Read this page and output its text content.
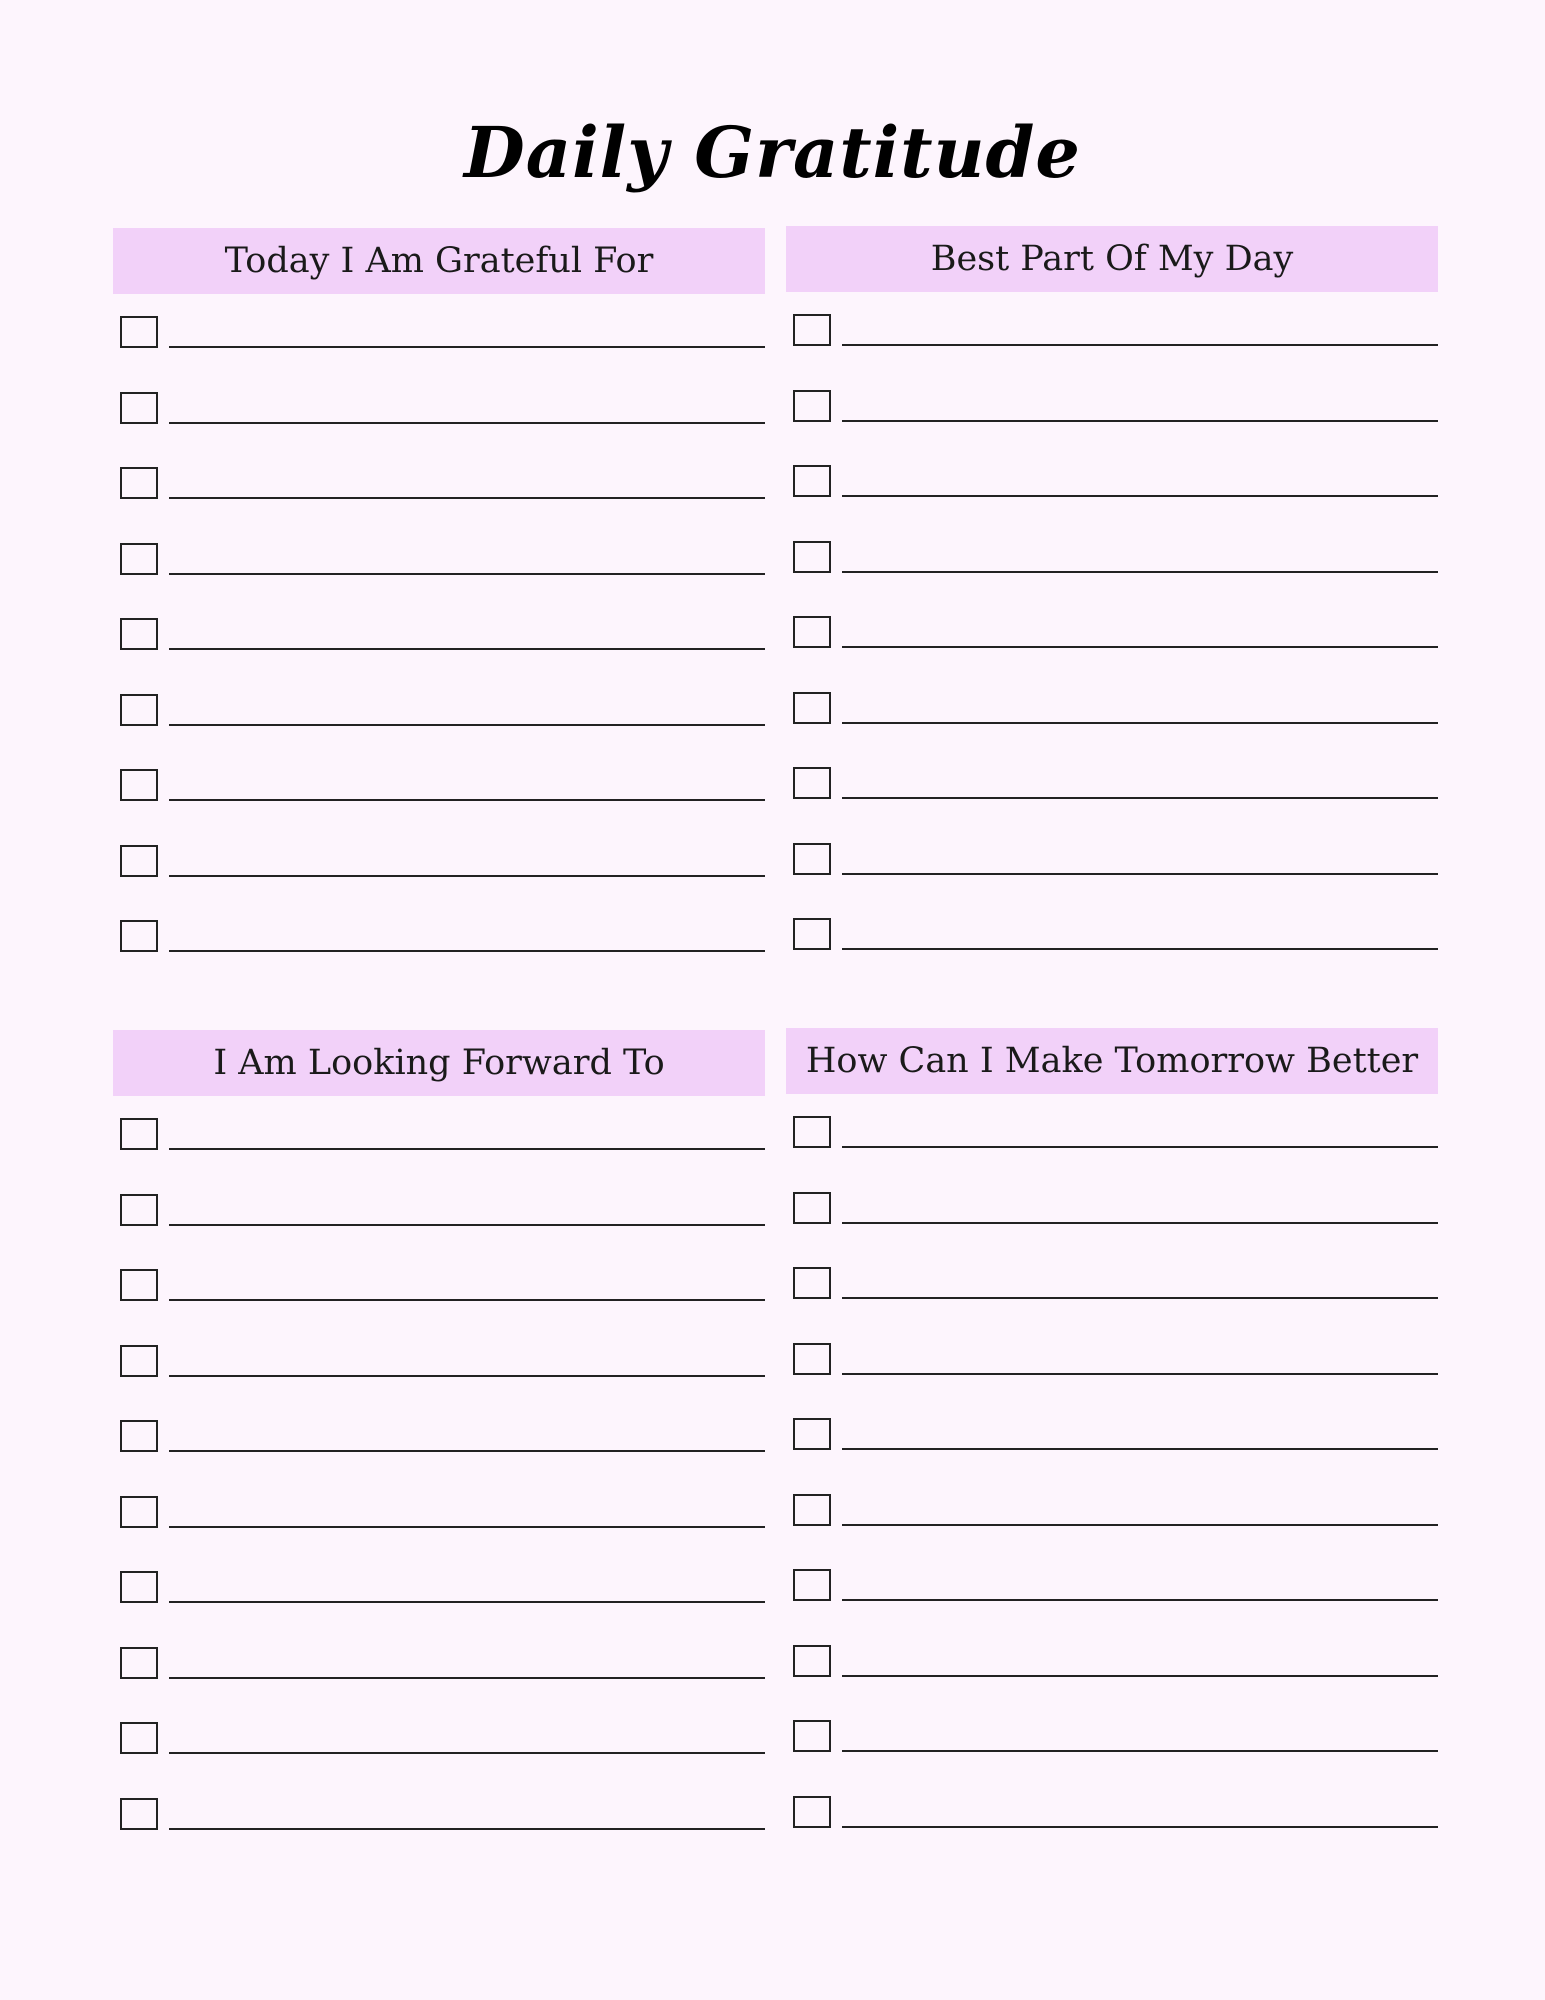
Daily Gratitude
Today I Am Grateful For	Best Part Of My Day
I Am Looking Forward To	How Can I Make Tomorrow Better
